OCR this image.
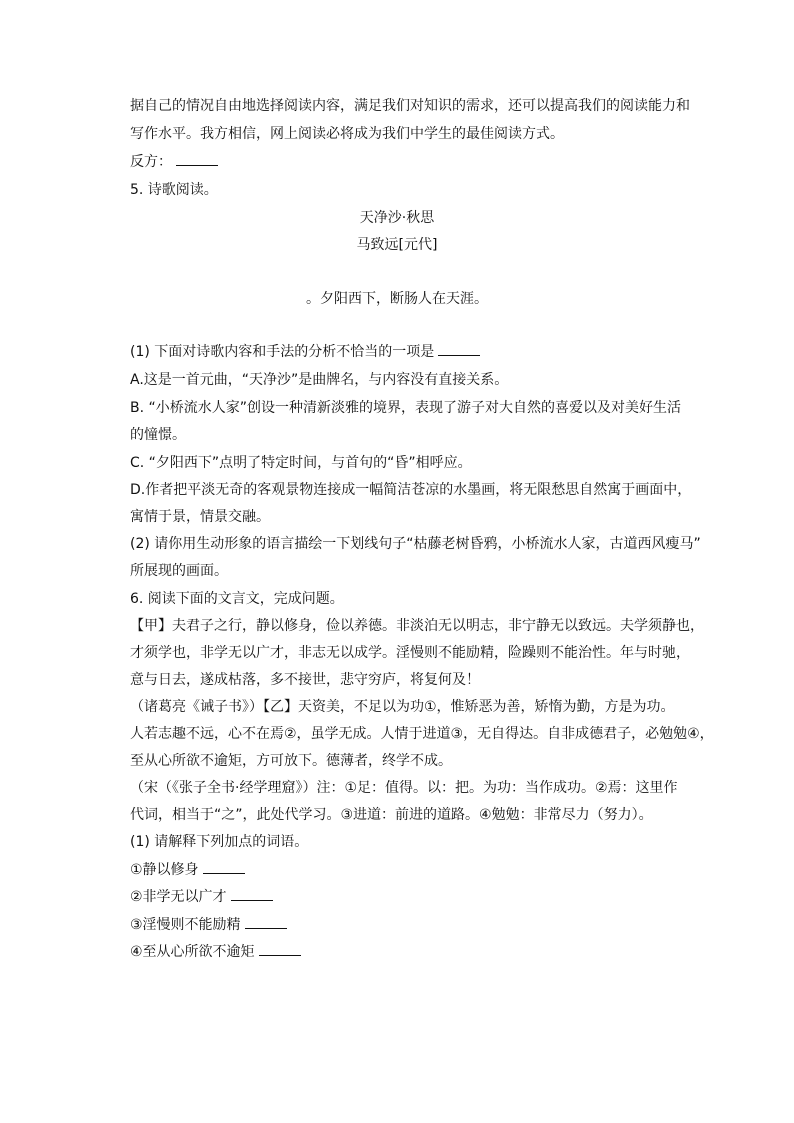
据自己的情况自由地选择阅读内容，满足我们对知识的需求，还可以提高我们的阅读能力和
写作水平。我方相信，网上阅读必将成为我们中学生的最佳阅读方式。
反方：
5. 诗歌阅读。
天净沙·秋思
马致远[元代]
。夕阳西下，断肠人在天涯。
(1) 下面对诗歌内容和手法的分析不恰当的一项是
A.这是一首元曲，“天净沙”是曲牌名，与内容没有直接关系。
B. “小桥流水人家”创设一种清新淡雅的境界，表现了游子对大自然的喜爱以及对美好生活
的憧憬。
C. “夕阳西下”点明了特定时间，与首句的“昏”相呼应。
D.作者把平淡无奇的客观景物连接成一幅简洁苍凉的水墨画，将无限愁思自然寓于画面中，
寓情于景，情景交融。
(2) 请你用生动形象的语言描绘一下划线句子“枯藤老树昏鸦，小桥流水人家，古道西风瘦马”
所展现的画面。
6. 阅读下面的文言文，完成问题。
【甲】夫君子之行，静以修身，俭以养德。非淡泊无以明志，非宁静无以致远。夫学须静也，
才须学也，非学无以广才，非志无以成学。淫慢则不能励精，险躁则不能治性。年与时驰，
意与日去，遂成枯落，多不接世，悲守穷庐，将复何及！
（诸葛亮《诫子书》）【乙】天资美，不足以为功①，惟矫恶为善，矫惰为勤，方是为功。
人若志趣不远，心不在焉②，虽学无成。人情于进道③，无自得达。自非成德君子，必勉勉④，
至从心所欲不逾矩，方可放下。德薄者，终学不成。
（宋（《张子全书·经学理窟》）注：①足：值得。以：把。为功：当作成功。②焉：这里作
代词，相当于“之”，此处代学习。③进道：前进的道路。④勉勉：非常尽力（努力）。
(1) 请解释下列加点的词语。
①静以修身
②非学无以广才
③淫慢则不能励精
④至从心所欲不逾矩
